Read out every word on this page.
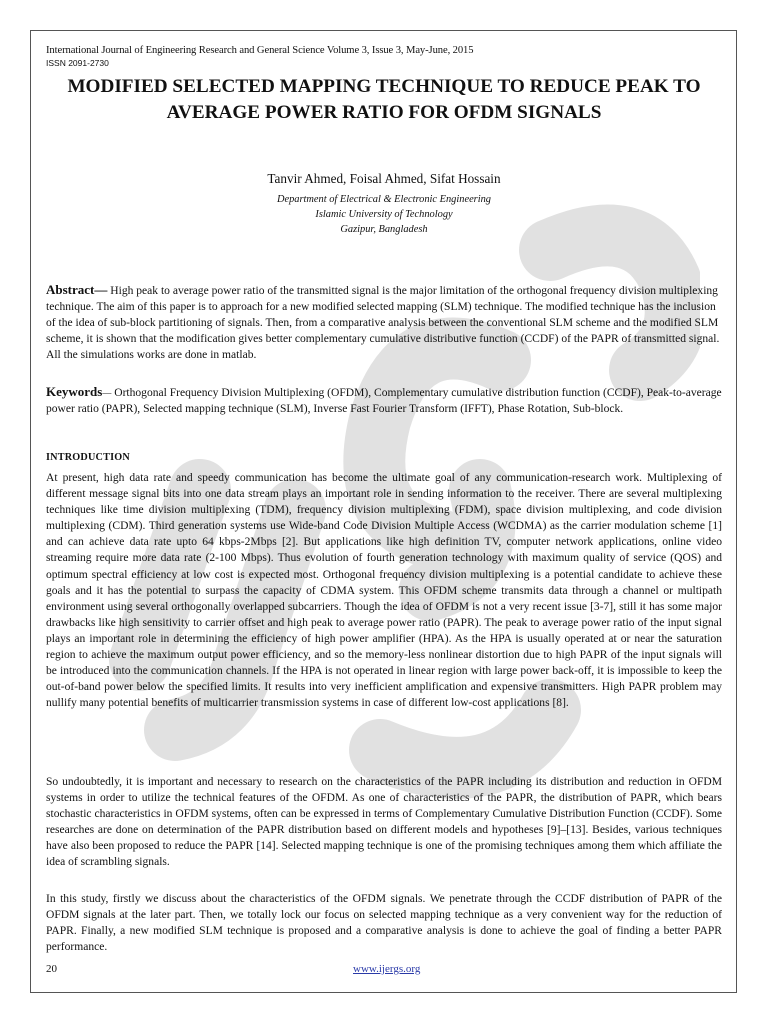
International Journal of Engineering Research and General Science Volume 3, Issue 3, May-June, 2015
ISSN 2091-2730
MODIFIED SELECTED MAPPING TECHNIQUE TO REDUCE PEAK TO
AVERAGE POWER RATIO FOR OFDM SIGNALS
Tanvir Ahmed, Foisal Ahmed, Sifat Hossain
Department of Electrical & Electronic Engineering
Islamic University of Technology
Gazipur, Bangladesh
Abstract— High peak to average power ratio of the transmitted signal is the major limitation of the orthogonal frequency division multiplexing technique. The aim of this paper is to approach for a new modified selected mapping (SLM) technique. The modified technique has the inclusion of the idea of sub-block partitioning of signals. Then, from a comparative analysis between the conventional SLM scheme and the modified SLM scheme, it is shown that the modification gives better complementary cumulative distributive function (CCDF) of the PAPR of transmitted signal. All the simulations works are done in matlab.
Keywords— Orthogonal Frequency Division Multiplexing (OFDM), Complementary cumulative distribution function (CCDF), Peak-to-average power ratio (PAPR), Selected mapping technique (SLM), Inverse Fast Fourier Transform (IFFT), Phase Rotation, Sub-block.
INTRODUCTION
At present, high data rate and speedy communication has become the ultimate goal of any communication-research work. Multiplexing of different message signal bits into one data stream plays an important role in sending information to the receiver. There are several multiplexing techniques like time division multiplexing (TDM), frequency division multiplexing (FDM), space division multiplexing, and code division multiplexing (CDM). Third generation systems use Wide-band Code Division Multiple Access (WCDMA) as the carrier modulation scheme [1] and can achieve data rate upto 64 kbps-2Mbps [2]. But applications like high definition TV, computer network applications, online video streaming require more data rate (2-100 Mbps). Thus evolution of fourth generation technology with maximum quality of service (QOS) and optimum spectral efficiency at low cost is expected most. Orthogonal frequency division multiplexing is a potential candidate to achieve these goals and it has the potential to surpass the capacity of CDMA system. This OFDM scheme transmits data through a channel or multipath environment using several orthogonally overlapped subcarriers. Though the idea of OFDM is not a very recent issue [3-7], still it has some major drawbacks like high sensitivity to carrier offset and high peak to average power ratio (PAPR). The peak to average power ratio of the input signal plays an important role in determining the efficiency of high power amplifier (HPA). As the HPA is usually operated at or near the saturation region to achieve the maximum output power efficiency, and so the memory-less nonlinear distortion due to high PAPR of the input signals will be introduced into the communication channels. If the HPA is not operated in linear region with large power back-off, it is impossible to keep the out-of-band power below the specified limits. It results into very inefficient amplification and expensive transmitters. High PAPR problem may nullify many potential benefits of multicarrier transmission systems in case of different low-cost applications [8].
So undoubtedly, it is important and necessary to research on the characteristics of the PAPR including its distribution and reduction in OFDM systems in order to utilize the technical features of the OFDM. As one of characteristics of the PAPR, the distribution of PAPR, which bears stochastic characteristics in OFDM systems, often can be expressed in terms of Complementary Cumulative Distribution Function (CCDF). Some researches are done on determination of the PAPR distribution based on different models and hypotheses [9]–[13]. Besides, various techniques have also been proposed to reduce the PAPR [14]. Selected mapping technique is one of the promising techniques among them which affiliate the idea of scrambling signals.
In this study, firstly we discuss about the characteristics of the OFDM signals. We penetrate through the CCDF distribution of PAPR of the OFDM signals at the later part. Then, we totally lock our focus on selected mapping technique as a very convenient way for the reduction of PAPR. Finally, a new modified SLM technique is proposed and a comparative analysis is done to achieve the goal of finding a better PAPR performance.
20	www.ijergs.org
